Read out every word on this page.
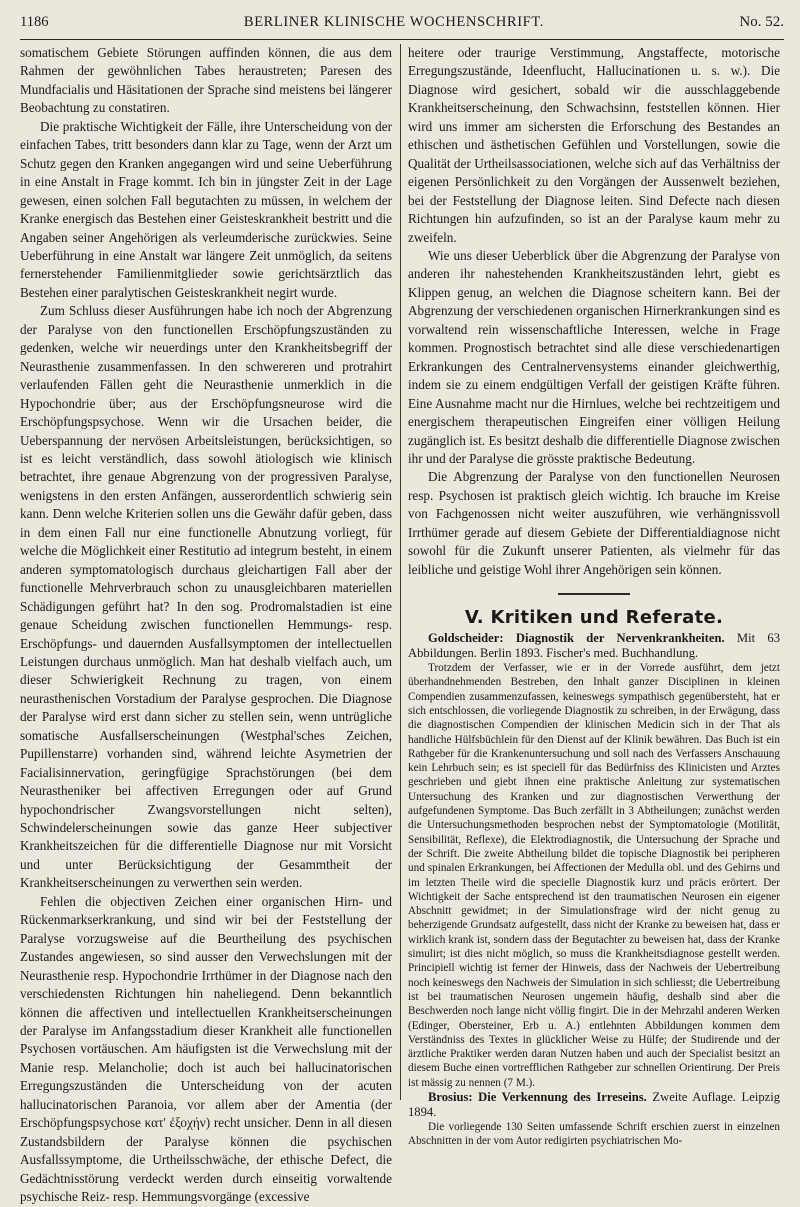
1186	BERLINER KLINISCHE WOCHENSCHRIFT.	No. 52.

somatischem Gebiete Störungen auffinden können, die aus dem Rahmen der gewöhnlichen Tabes heraustreten; Paresen des Mundfacialis und Häsitationen der Sprache sind meistens bei längerer Beobachtung zu constatiren.

Die praktische Wichtigkeit der Fälle, ihre Unterscheidung von der einfachen Tabes, tritt besonders dann klar zu Tage, wenn der Arzt um Schutz gegen den Kranken angegangen wird und seine Ueberführung in eine Anstalt in Frage kommt. Ich bin in jüngster Zeit in der Lage gewesen, einen solchen Fall begutachten zu müssen, in welchem der Kranke energisch das Bestehen einer Geisteskrankheit bestritt und die Angaben seiner Angehörigen als verleumderische zurückwies. Seine Ueberführung in eine Anstalt war längere Zeit unmöglich, da seitens fernerstehender Familienmitglieder sowie gerichtsärztlich das Bestehen einer paralytischen Geisteskrankheit negirt wurde.

Zum Schluss dieser Ausführungen habe ich noch der Abgrenzung der Paralyse von den functionellen Erschöpfungszuständen zu gedenken, welche wir neuerdings unter den Krankheitsbegriff der Neurasthenie zusammenfassen. In den schwereren und protrahirt verlaufenden Fällen geht die Neurasthenie unmerklich in die Hypochondrie über; aus der Erschöpfungsneurose wird die Erschöpfungspsychose. Wenn wir die Ursachen beider, die Ueberspannung der nervösen Arbeitsleistungen, berücksichtigen, so ist es leicht verständlich, dass sowohl ätiologisch wie klinisch betrachtet, ihre genaue Abgrenzung von der progressiven Paralyse, wenigstens in den ersten Anfängen, ausserordentlich schwierig sein kann. Denn welche Kriterien sollen uns die Gewähr dafür geben, dass in dem einen Fall nur eine functionelle Abnutzung vorliegt, für welche die Möglichkeit einer Restitutio ad integrum besteht, in einem anderen symptomatologisch durchaus gleichartigen Fall aber der functionelle Mehrverbrauch schon zu unausgleichbaren materiellen Schädigungen geführt hat? In den sog. Prodromalstadien ist eine genaue Scheidung zwischen functionellen Hemmungs- resp. Erschöpfungs- und dauernden Ausfallsymptomen der intellectuellen Leistungen durchaus unmöglich. Man hat deshalb vielfach auch, um dieser Schwierigkeit Rechnung zu tragen, von einem neurasthenischen Vorstadium der Paralyse gesprochen. Die Diagnose der Paralyse wird erst dann sicher zu stellen sein, wenn untrügliche somatische Ausfallserscheinungen (Westphal'sches Zeichen, Pupillenstarre) vorhanden sind, während leichte Asymetrien der Facialisinnervation, geringfügige Sprachstörungen (bei dem Neurastheniker bei affectiven Erregungen oder auf Grund hypochondrischer Zwangsvorstellungen nicht selten), Schwindelerscheinungen sowie das ganze Heer subjectiver Krankheitszeichen für die differentielle Diagnose nur mit Vorsicht und unter Berücksichtigung der Gesammtheit der Krankheitserscheinungen zu verwerthen sein werden.

Fehlen die objectiven Zeichen einer organischen Hirn- und Rückenmarkserkrankung, und sind wir bei der Feststellung der Paralyse vorzugsweise auf die Beurtheilung des psychischen Zustandes angewiesen, so sind ausser den Verwechslungen mit der Neurasthenie resp. Hypochondrie Irrthümer in der Diagnose nach den verschiedensten Richtungen hin naheliegend. Denn bekanntlich können die affectiven und intellectuellen Krankheitserscheinungen der Paralyse im Anfangsstadium dieser Krankheit alle functionellen Psychosen vortäuschen. Am häufigsten ist die Verwechslung mit der Manie resp. Melancholie; doch ist auch bei hallucinatorischen Erregungszuständen die Unterscheidung von der acuten hallucinatorischen Paranoia, vor allem aber der Amentia (der Erschöpfungspsychose κατ' ἐξοχήν) recht unsicher. Denn in all diesen Zustandsbildern der Paralyse können die psychischen Ausfallssymptome, die Urtheilsschwäche, der ethische Defect, die Gedächtnisstörung verdeckt werden durch einseitig vorwaltende psychische Reiz- resp. Hemmungsvorgänge (excessive

heitere oder traurige Verstimmung, Angstaffecte, motorische Erregungszustände, Ideenflucht, Hallucinationen u. s. w.). Die Diagnose wird gesichert, sobald wir die ausschlaggebende Krankheitserscheinung, den Schwachsinn, feststellen können. Hier wird uns immer am sichersten die Erforschung des Bestandes an ethischen und ästhetischen Gefühlen und Vorstellungen, sowie die Qualität der Urtheilsassociationen, welche sich auf das Verhältniss der eigenen Persönlichkeit zu den Vorgängen der Aussenwelt beziehen, bei der Feststellung der Diagnose leiten. Sind Defecte nach diesen Richtungen hin aufzufinden, so ist an der Paralyse kaum mehr zu zweifeln.

Wie uns dieser Ueberblick über die Abgrenzung der Paralyse von anderen ihr nahestehenden Krankheitszuständen lehrt, giebt es Klippen genug, an welchen die Diagnose scheitern kann. Bei der Abgrenzung der verschiedenen organischen Hirnerkrankungen sind es vorwaltend rein wissenschaftliche Interessen, welche in Frage kommen. Prognostisch betrachtet sind alle diese verschiedenartigen Erkrankungen des Centralnervensystems einander gleichwerthig, indem sie zu einem endgültigen Verfall der geistigen Kräfte führen. Eine Ausnahme macht nur die Hirnlues, welche bei rechtzeitigem und energischem therapeutischen Eingreifen einer völligen Heilung zugänglich ist. Es besitzt deshalb die differentielle Diagnose zwischen ihr und der Paralyse die grösste praktische Bedeutung.

Die Abgrenzung der Paralyse von den functionellen Neurosen resp. Psychosen ist praktisch gleich wichtig. Ich brauche im Kreise von Fachgenossen nicht weiter auszuführen, wie verhängnissvoll Irrthümer gerade auf diesem Gebiete der Differentialdiagnose nicht sowohl für die Zukunft unserer Patienten, als vielmehr für das leibliche und geistige Wohl ihrer Angehörigen sein können.

V. Kritiken und Referate.

Goldscheider: Diagnostik der Nervenkrankheiten. Mit 63 Abbildungen. Berlin 1893. Fischer's med. Buchhandlung.

Trotzdem der Verfasser, wie er in der Vorrede ausführt, dem jetzt überhandnehmenden Bestreben, den Inhalt ganzer Disciplinen in kleinen Compendien zusammenzufassen, keineswegs sympathisch gegenübersteht, hat er sich entschlossen, die vorliegende Diagnostik zu schreiben, in der Erwägung, dass die diagnostischen Compendien der klinischen Medicin sich in der That als handliche Hülfsbüchlein für den Dienst auf der Klinik bewähren. Das Buch ist ein Rathgeber für die Krankenuntersuchung und soll nach des Verfassers Anschauung kein Lehrbuch sein; es ist speciell für das Bedürfniss des Klinicisten und Arztes geschrieben und giebt ihnen eine praktische Anleitung zur systematischen Untersuchung des Kranken und zur diagnostischen Verwerthung der aufgefundenen Symptome. Das Buch zerfällt in 3 Abtheilungen; zunächst werden die Untersuchungsmethoden besprochen nebst der Symptomatologie (Motilität, Sensibilität, Reflexe), die Elektrodiagnostik, die Untersuchung der Sprache und der Schrift. Die zweite Abtheilung bildet die topische Diagnostik bei peripheren und spinalen Erkrankungen, bei Affectionen der Medulla obl. und des Gehirns und im letzten Theile wird die specielle Diagnostik kurz und präcis erörtert. Der Wichtigkeit der Sache entsprechend ist den traumatischen Neurosen ein eigener Abschnitt gewidmet; in der Simulationsfrage wird der nicht genug zu beherzigende Grundsatz aufgestellt, dass nicht der Kranke zu beweisen hat, dass er wirklich krank ist, sondern dass der Begutachter zu beweisen hat, dass der Kranke simulirt; ist dies nicht möglich, so muss die Krankheitsdiagnose gestellt werden. Principiell wichtig ist ferner der Hinweis, dass der Nachweis der Uebertreibung noch keineswegs den Nachweis der Simulation in sich schliesst; die Uebertreibung ist bei traumatischen Neurosen ungemein häufig, deshalb sind aber die Beschwerden noch lange nicht völlig fingirt. Die in der Mehrzahl anderen Werken (Edinger, Obersteiner, Erb u. A.) entlehnten Abbildungen kommen dem Verständniss des Textes in glücklicher Weise zu Hülfe; der Studirende und der ärztliche Praktiker werden daran Nutzen haben und auch der Specialist besitzt an diesem Buche einen vortrefflichen Rathgeber zur schnellen Orientirung. Der Preis ist mässig zu nennen (7 M.).

Brosius: Die Verkennung des Irreseins. Zweite Auflage. Leipzig 1894.

Die vorliegende 130 Seiten umfassende Schrift erschien zuerst in einzelnen Abschnitten in der vom Autor redigirten psychiatrischen Mo-
